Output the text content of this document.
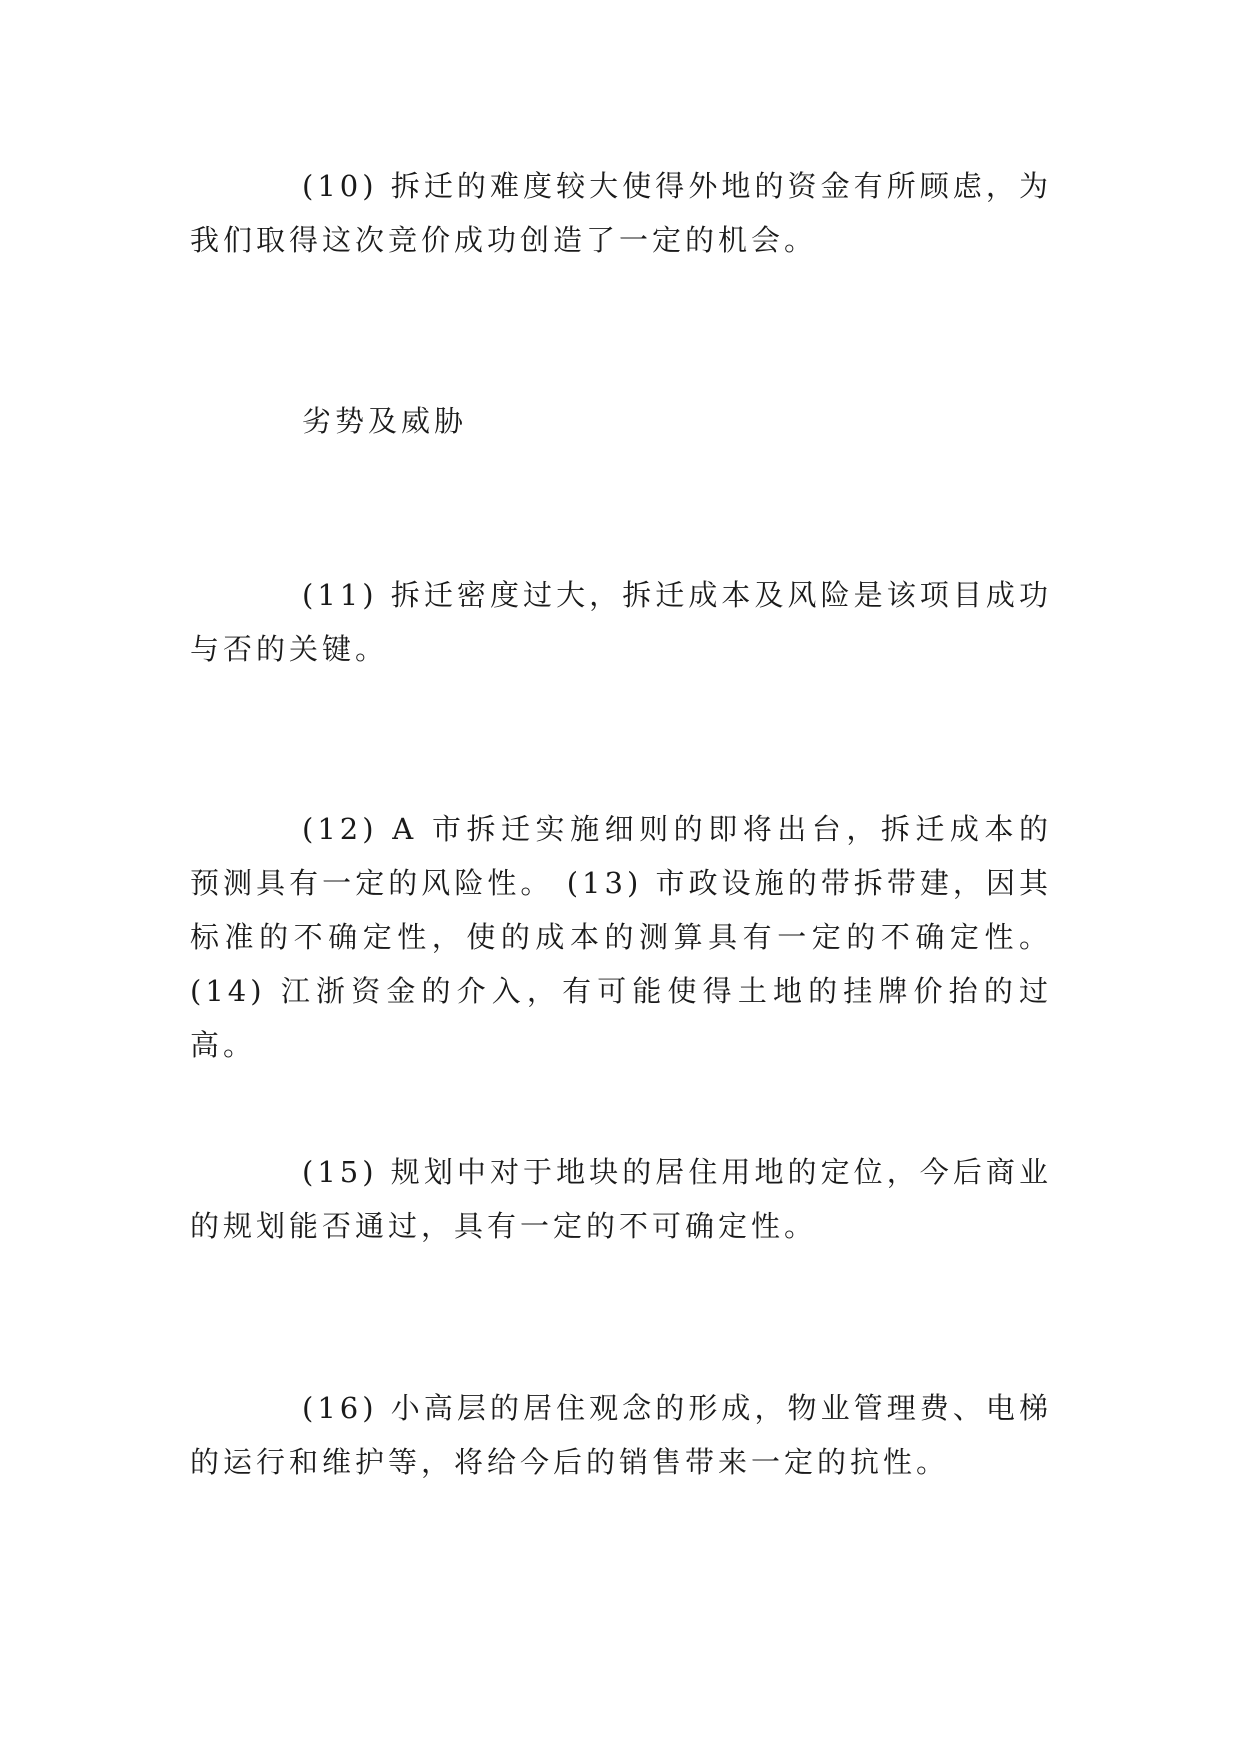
(10) 拆迁的难度较大使得外地的资金有所顾虑，为我们取得这次竞价成功创造了一定的机会。

劣势及威胁

(11) 拆迁密度过大，拆迁成本及风险是该项目成功与否的关键。

(12) A 市拆迁实施细则的即将出台，拆迁成本的预测具有一定的风险性。 (13) 市政设施的带拆带建，因其标准的不确定性，使的成本的测算具有一定的不确定性。(14) 江浙资金的介入，有可能使得土地的挂牌价抬的过高。

(15) 规划中对于地块的居住用地的定位，今后商业的规划能否通过，具有一定的不可确定性。

(16) 小高层的居住观念的形成，物业管理费、电梯的运行和维护等，将给今后的销售带来一定的抗性。
